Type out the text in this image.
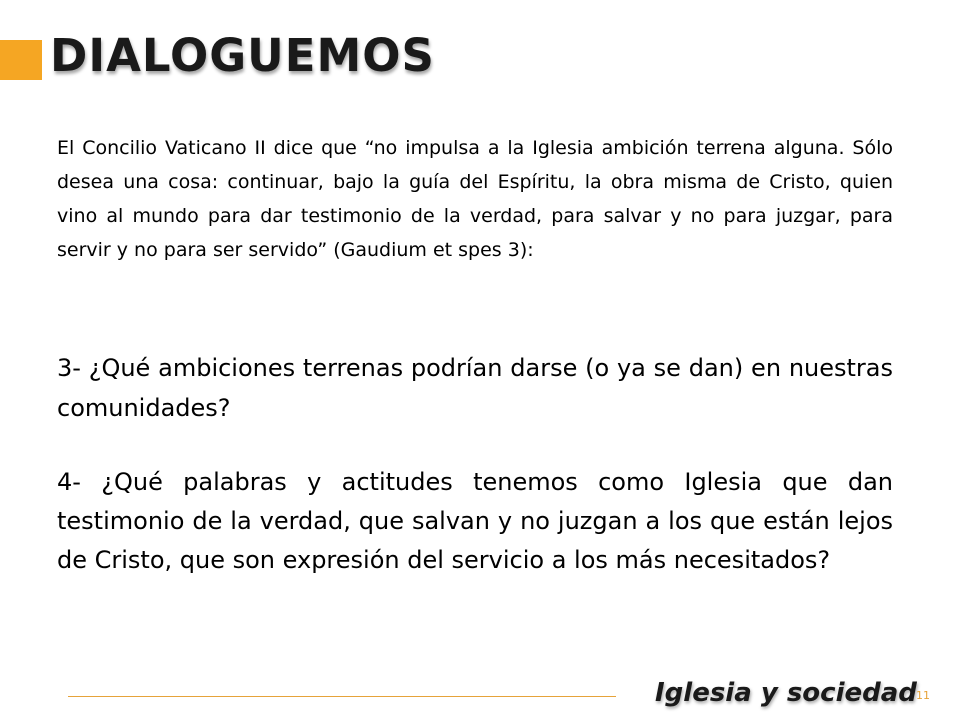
DIALOGUEMOS

El Concilio Vaticano II dice que “no impulsa a la Iglesia ambición terrena alguna. Sólo desea una cosa: continuar, bajo la guía del Espíritu, la obra misma de Cristo, quien vino al mundo para dar testimonio de la verdad, para salvar y no para juzgar, para servir y no para ser servido” (Gaudium et spes 3):

3- ¿Qué ambiciones terrenas podrían darse (o ya se dan) en nuestras comunidades?

4- ¿Qué palabras y actitudes tenemos como Iglesia que dan testimonio de la verdad, que salvan y no juzgan a los que están lejos de Cristo, que son expresión del servicio a los más necesitados?

Iglesia y sociedad 11
